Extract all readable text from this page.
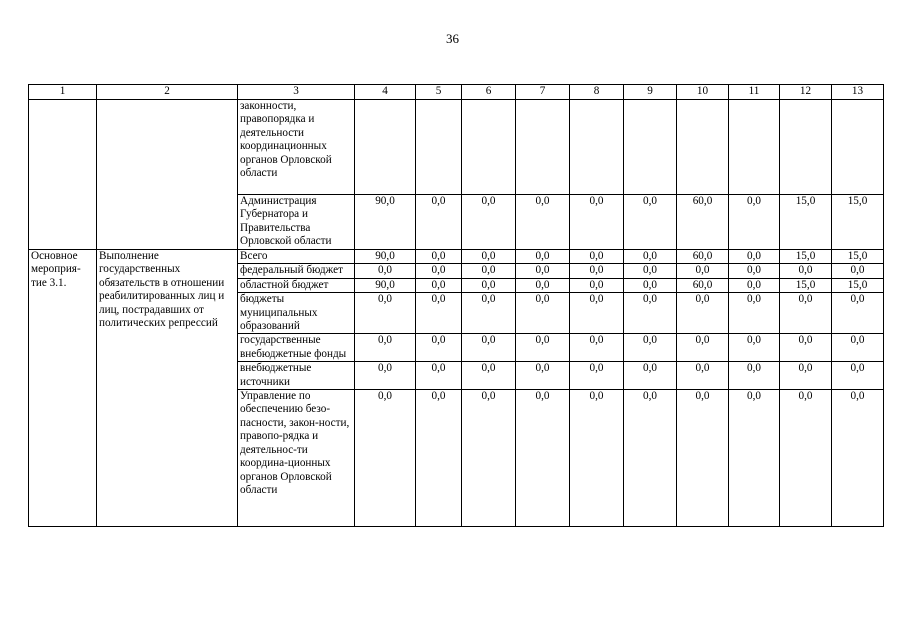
36
1	2	3	4	5	6	7	8	9	10	11	12	13
		законности, правопорядка и деятельности координационных органов Орловской области										
		Администрация Губернатора и Правительства Орловской области	90,0	0,0	0,0	0,0	0,0	0,0	60,0	0,0	15,0	15,0
Основное мероприя-тие 3.1.	Выполнение государственных обязательств в отношении реабилитированных лиц и лиц, пострадавших от политических репрессий	Всего	90,0	0,0	0,0	0,0	0,0	0,0	60,0	0,0	15,0	15,0
		федеральный бюджет	0,0	0,0	0,0	0,0	0,0	0,0	0,0	0,0	0,0	0,0
		областной бюджет	90,0	0,0	0,0	0,0	0,0	0,0	60,0	0,0	15,0	15,0
		бюджеты муниципальных образований	0,0	0,0	0,0	0,0	0,0	0,0	0,0	0,0	0,0	0,0
		государственные внебюджетные фонды	0,0	0,0	0,0	0,0	0,0	0,0	0,0	0,0	0,0	0,0
		внебюджетные источники	0,0	0,0	0,0	0,0	0,0	0,0	0,0	0,0	0,0	0,0
		Управление по обеспечению безо-пасности, закон-ности, правопо-рядка и деятельнос-ти координа-ционных органов Орловской области	0,0	0,0	0,0	0,0	0,0	0,0	0,0	0,0	0,0	0,0
